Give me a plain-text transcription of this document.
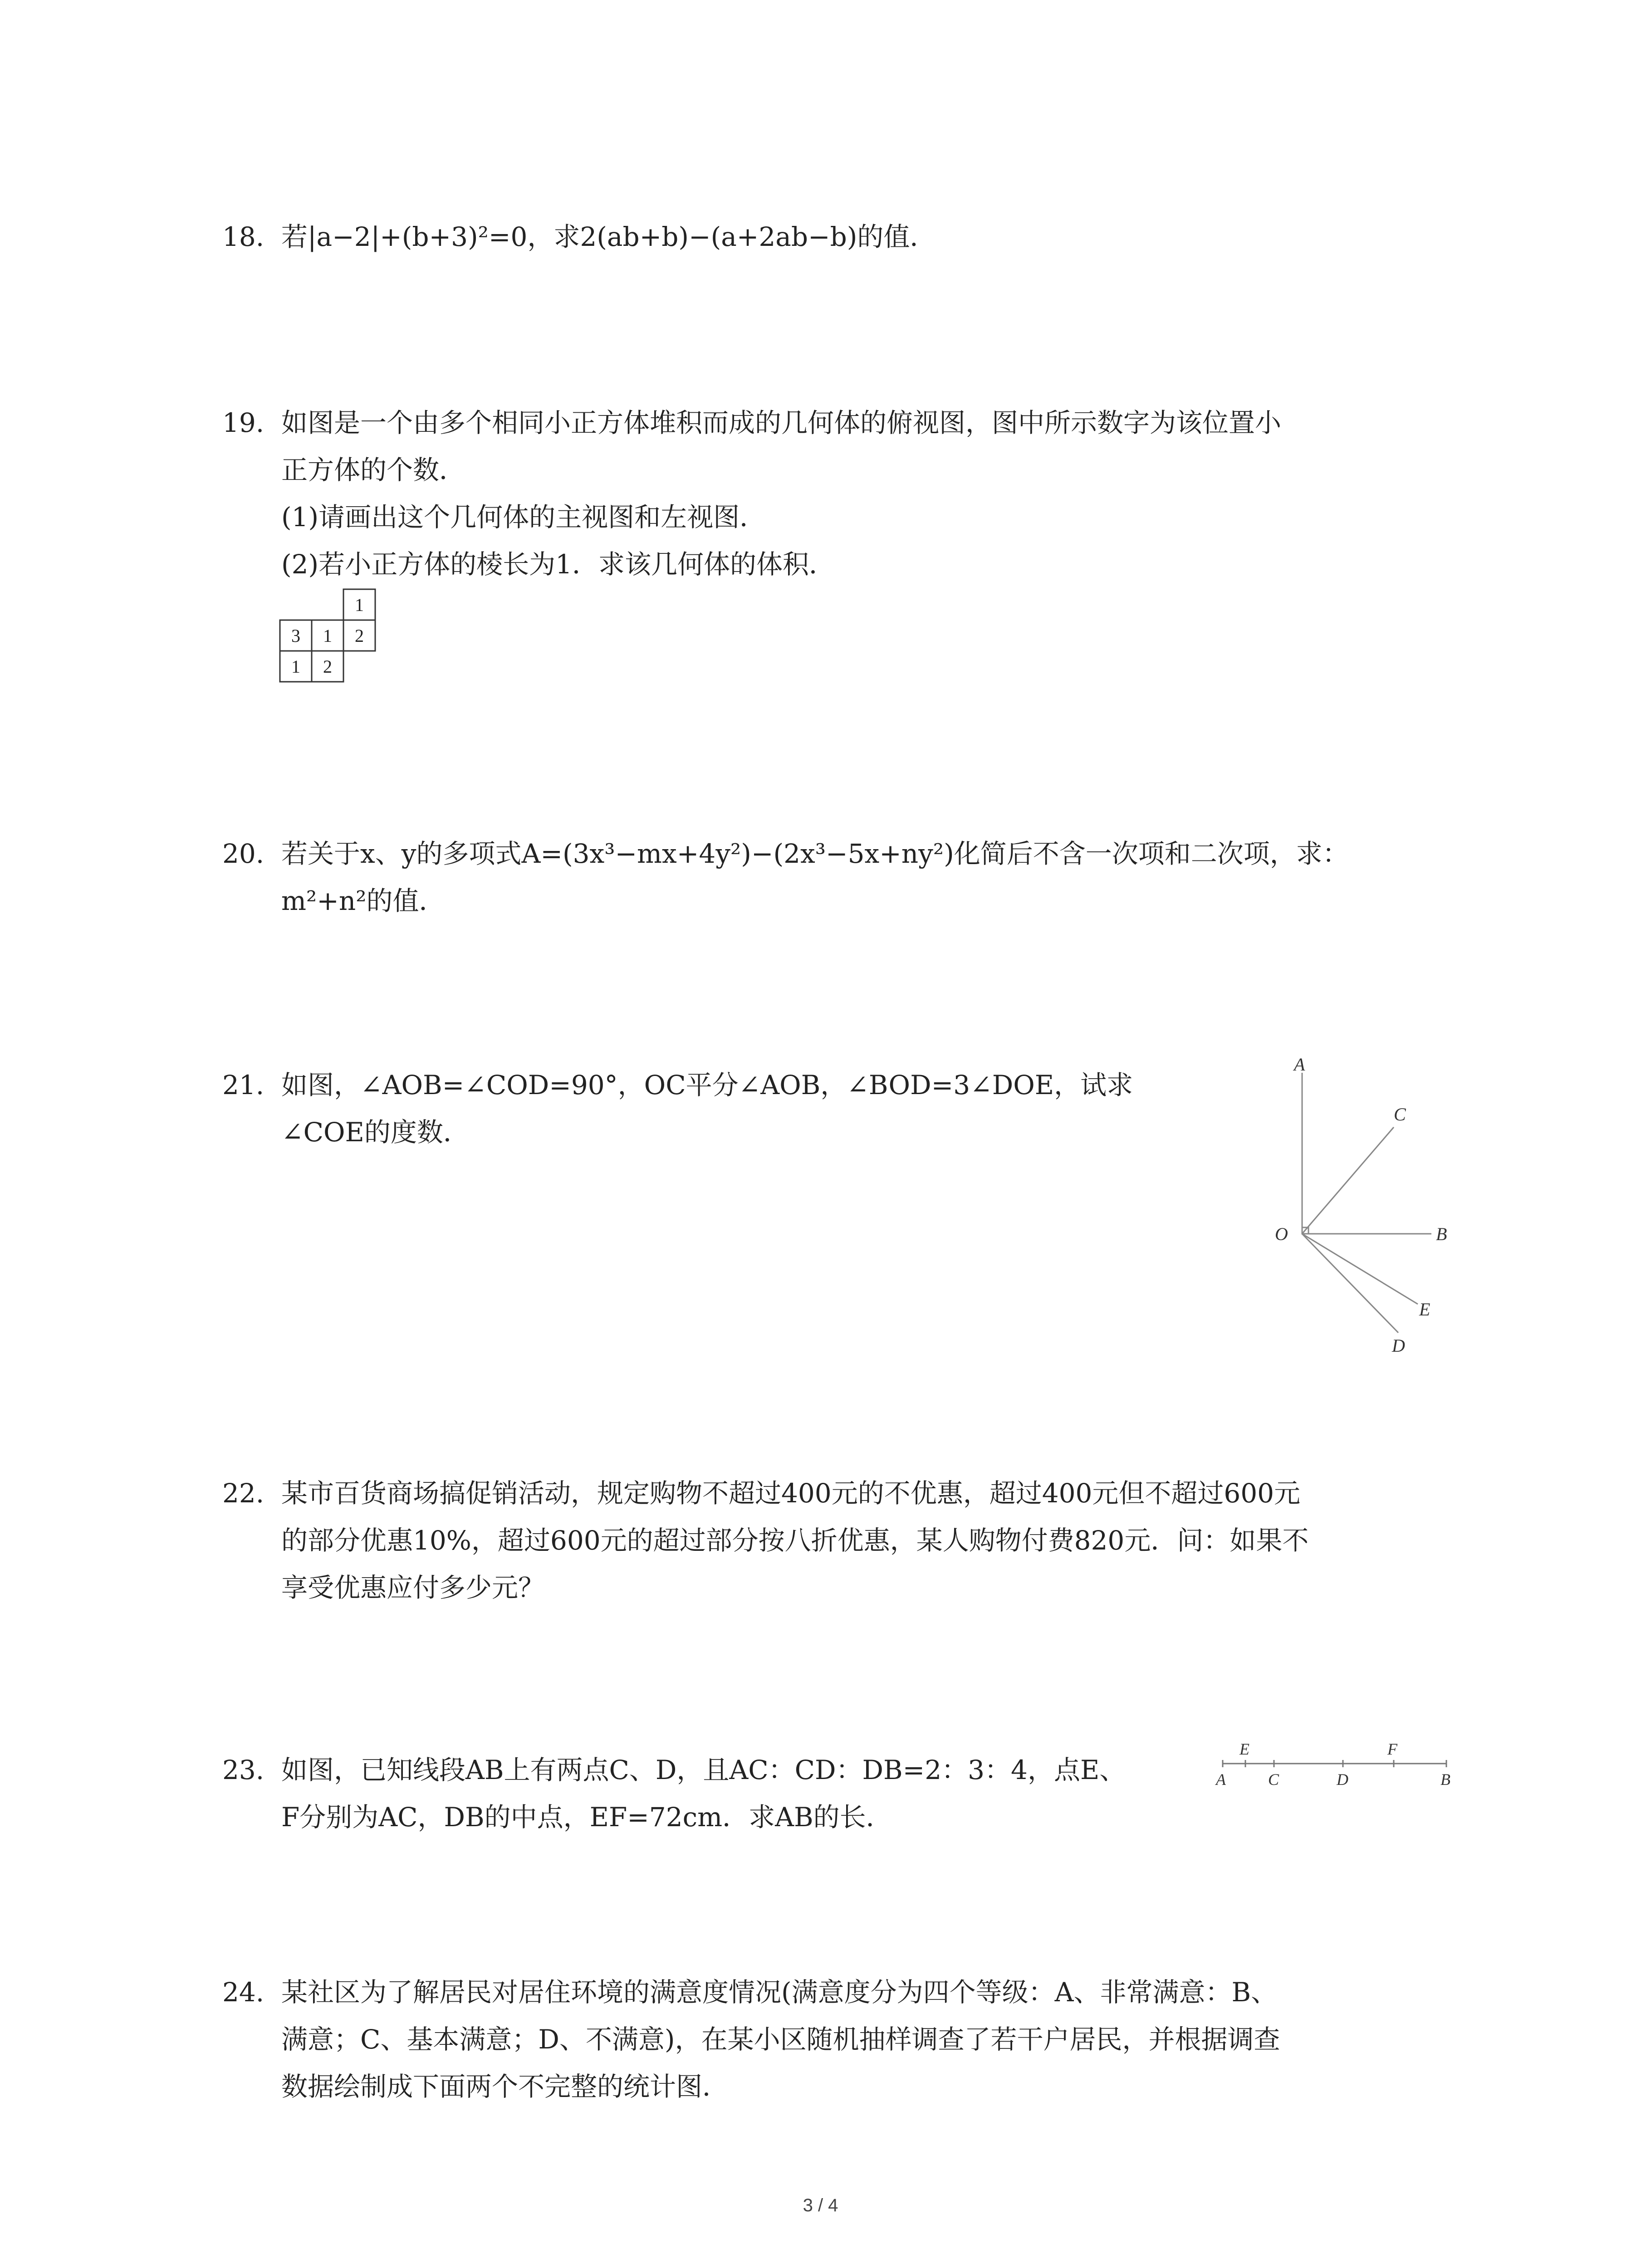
18. 若|a−2|+(b+3)²=0，求2(ab+b)−(a+2ab−b)的值．
19. 如图是一个由多个相同小正方体堆积而成的几何体的俯视图，图中所示数字为该位置小
正方体的个数．
(1)请画出这个几何体的主视图和左视图．
(2)若小正方体的棱长为1．求该几何体的体积．
1
3 1 2
1 2
20. 若关于x、y的多项式A=(3x³−mx+4y²)−(2x³−5x+ny²)化简后不含一次项和二次项，求：
m²+n²的值．
21. 如图，∠AOB=∠COD=90°，OC平分∠AOB，∠BOD=3∠DOE，试求
∠COE的度数．
A
C
O	B
E
D
22. 某市百货商场搞促销活动，规定购物不超过400元的不优惠，超过400元但不超过600元
的部分优惠10%，超过600元的超过部分按八折优惠，某人购物付费820元．问：如果不
享受优惠应付多少元？
23. 如图，已知线段AB上有两点C、D，且AC：CD：DB=2：3：4，点E、
F分别为AC，DB的中点，EF=72cm．求AB的长．
A
E
C	D
F
B
24. 某社区为了解居民对居住环境的满意度情况(满意度分为四个等级：A、非常满意：B、
满意；C、基本满意；D、不满意)，在某小区随机抽样调查了若干户居民，并根据调查
数据绘制成下面两个不完整的统计图．
3 / 4
